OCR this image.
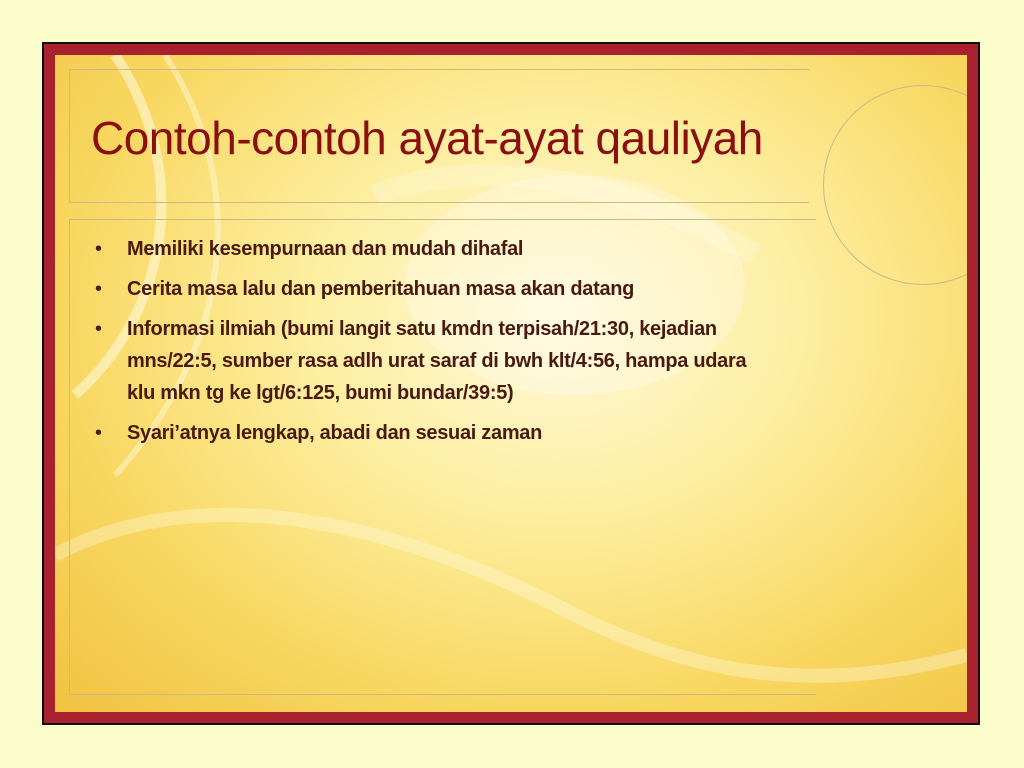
Contoh-contoh ayat-ayat qauliyah
• Memiliki kesempurnaan dan mudah dihafal
• Cerita masa lalu dan pemberitahuan masa akan datang
• Informasi ilmiah (bumi langit satu kmdn terpisah/21:30, kejadian mns/22:5, sumber rasa adlh urat saraf di bwh klt/4:56, hampa udara klu mkn tg ke lgt/6:125, bumi bundar/39:5)
• Syari’atnya lengkap, abadi dan sesuai zaman
